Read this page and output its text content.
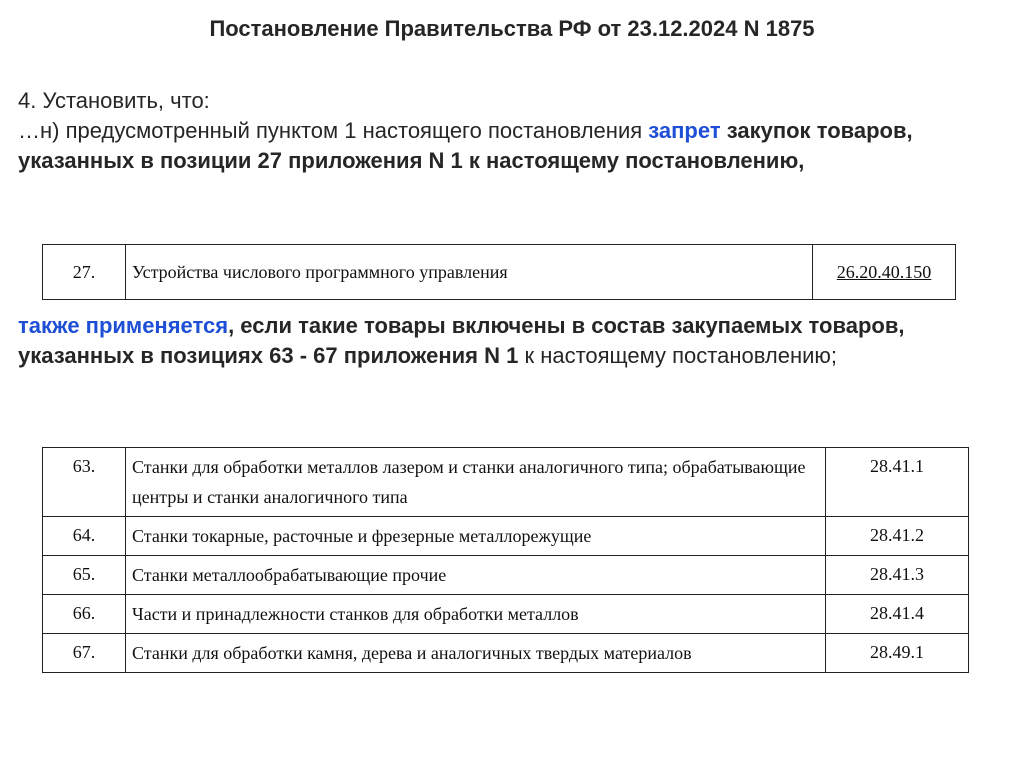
Постановление Правительства РФ от 23.12.2024 N 1875
4. Установить, что:
…н) предусмотренный пунктом 1 настоящего постановления запрет закупок товаров, указанных в позиции 27 приложения N 1 к настоящему постановлению,
27.	Устройства числового программного управления	26.20.40.150
также применяется, если такие товары включены в состав закупаемых товаров, указанных в позициях 63 - 67 приложения N 1 к настоящему постановлению;
63.	Станки для обработки металлов лазером и станки аналогичного типа; обрабатывающие центры и станки аналогичного типа	28.41.1
64.	Станки токарные, расточные и фрезерные металлорежущие	28.41.2
65.	Станки металлообрабатывающие прочие	28.41.3
66.	Части и принадлежности станков для обработки металлов	28.41.4
67.	Станки для обработки камня, дерева и аналогичных твердых материалов	28.49.1
